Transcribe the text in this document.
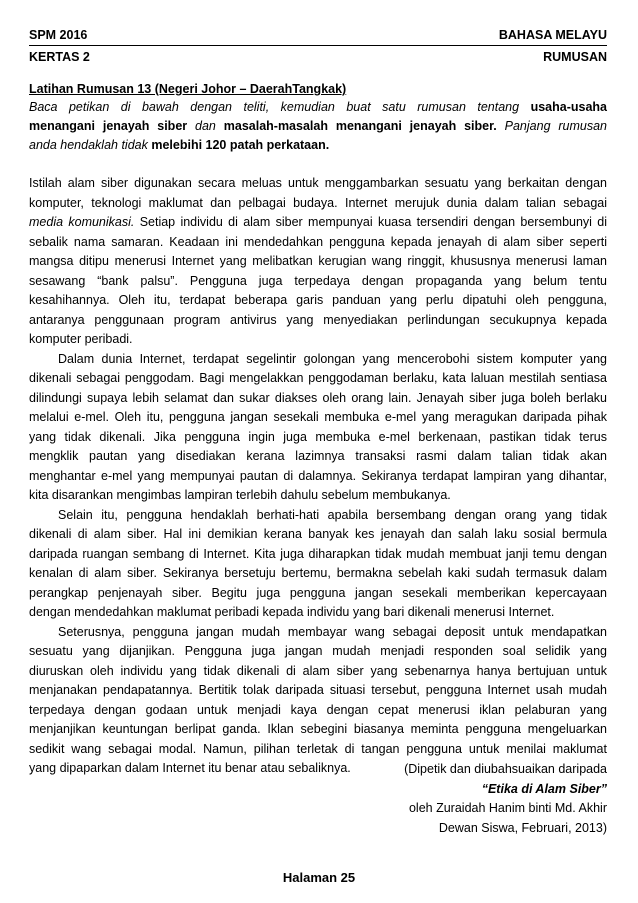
SPM 2016	BAHASA MELAYU
KERTAS 2	RUMUSAN
Latihan Rumusan 13 (Negeri Johor – DaerahTangkak)
Baca petikan di bawah dengan teliti, kemudian buat satu rumusan tentang usaha-usaha
menangani jenayah siber dan masalah-masalah menangani jenayah siber. Panjang rumusan
anda hendaklah tidak melebihi 120 patah perkataan.
Istilah alam siber digunakan secara meluas untuk menggambarkan sesuatu yang berkaitan dengan
komputer, teknologi maklumat dan pelbagai budaya. Internet merujuk dunia dalam talian sebagai
media komunikasi. Setiap individu di alam siber mempunyai kuasa tersendiri dengan bersembunyi di
sebalik nama samaran. Keadaan ini mendedahkan pengguna kepada jenayah di alam siber seperti
mangsa ditipu menerusi Internet yang melibatkan kerugian wang ringgit, khususnya menerusi laman
sesawang “bank palsu”. Pengguna juga terpedaya dengan propaganda yang belum tentu
kesahihannya. Oleh itu, terdapat beberapa garis panduan yang perlu dipatuhi oleh pengguna,
antaranya penggunaan program antivirus yang menyediakan perlindungan secukupnya kepada
komputer peribadi.
Dalam dunia Internet, terdapat segelintir golongan yang mencerobohi sistem komputer yang
dikenali sebagai penggodam. Bagi mengelakkan penggodaman berlaku, kata laluan mestilah sentiasa
dilindungi supaya lebih selamat dan sukar diakses oleh orang lain. Jenayah siber juga boleh berlaku
melalui e-mel. Oleh itu, pengguna jangan sesekali membuka e-mel yang meragukan daripada pihak
yang tidak dikenali. Jika pengguna ingin juga membuka e-mel berkenaan, pastikan tidak terus
mengklik pautan yang disediakan kerana lazimnya transaksi rasmi dalam talian tidak akan
menghantar e-mel yang mempunyai pautan di dalamnya. Sekiranya terdapat lampiran yang dihantar,
kita disarankan mengimbas lampiran terlebih dahulu sebelum membukanya.
Selain itu, pengguna hendaklah berhati-hati apabila bersembang dengan orang yang tidak
dikenali di alam siber. Hal ini demikian kerana banyak kes jenayah dan salah laku sosial bermula
daripada ruangan sembang di Internet. Kita juga diharapkan tidak mudah membuat janji temu dengan
kenalan di alam siber. Sekiranya bersetuju bertemu, bermakna sebelah kaki sudah termasuk dalam
perangkap penjenayah siber. Begitu juga pengguna jangan sesekali memberikan kepercayaan
dengan mendedahkan maklumat peribadi kepada individu yang bari dikenali menerusi Internet.
Seterusnya, pengguna jangan mudah membayar wang sebagai deposit untuk mendapatkan
sesuatu yang dijanjikan. Pengguna juga jangan mudah menjadi responden soal selidik yang
diuruskan oleh individu yang tidak dikenali di alam siber yang sebenarnya hanya bertujuan untuk
menjanakan pendapatannya. Bertitik tolak daripada situasi tersebut, pengguna Internet usah mudah
terpedaya dengan godaan untuk menjadi kaya dengan cepat menerusi iklan pelaburan yang
menjanjikan keuntungan berlipat ganda. Iklan sebegini biasanya meminta pengguna mengeluarkan
sedikit wang sebagai modal. Namun, pilihan terletak di tangan pengguna untuk menilai maklumat
yang dipaparkan dalam Internet itu benar atau sebaliknya.	(Dipetik dan diubahsuaikan daripada
“Etika di Alam Siber”
oleh Zuraidah Hanim binti Md. Akhir
Dewan Siswa, Februari, 2013)
Halaman 25
